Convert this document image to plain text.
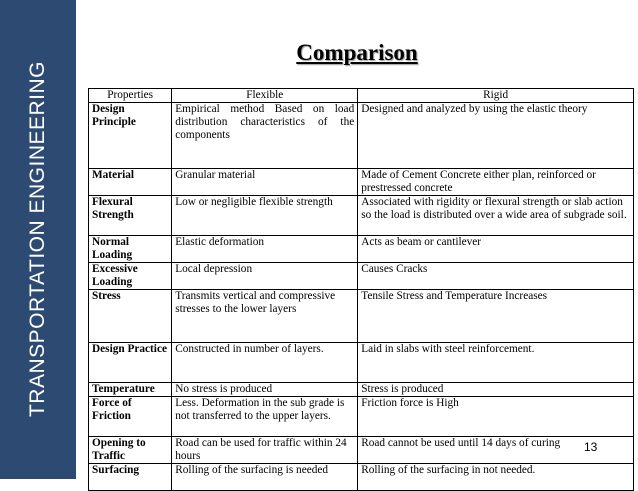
TRANSPORTATION ENGINEERING
Comparison
Properties	Flexible	Rigid
Design Principle	Empirical method Based on load distribution characteristics of the components	Designed and analyzed by using the elastic theory
Material	Granular material	Made of Cement Concrete either plan, reinforced or prestressed concrete
Flexural Strength	Low or negligible flexible strength	Associated with rigidity or flexural strength or slab action so the load is distributed over a wide area of subgrade soil.
Normal Loading	Elastic deformation	Acts as beam or cantilever
Excessive Loading	Local depression	Causes Cracks
Stress	Transmits vertical and compressive stresses to the lower layers	Tensile Stress and Temperature Increases
Design Practice	Constructed in number of layers.	Laid in slabs with steel reinforcement.
Temperature	No stress is produced	Stress is produced
Force of Friction	Less. Deformation in the sub grade is not transferred to the upper layers.	Friction force is High
Opening to Traffic	Road can be used for traffic within 24 hours	Road cannot be used until 14 days of curing
Surfacing	Rolling of the surfacing is needed	Rolling of the surfacing in not needed.
13
